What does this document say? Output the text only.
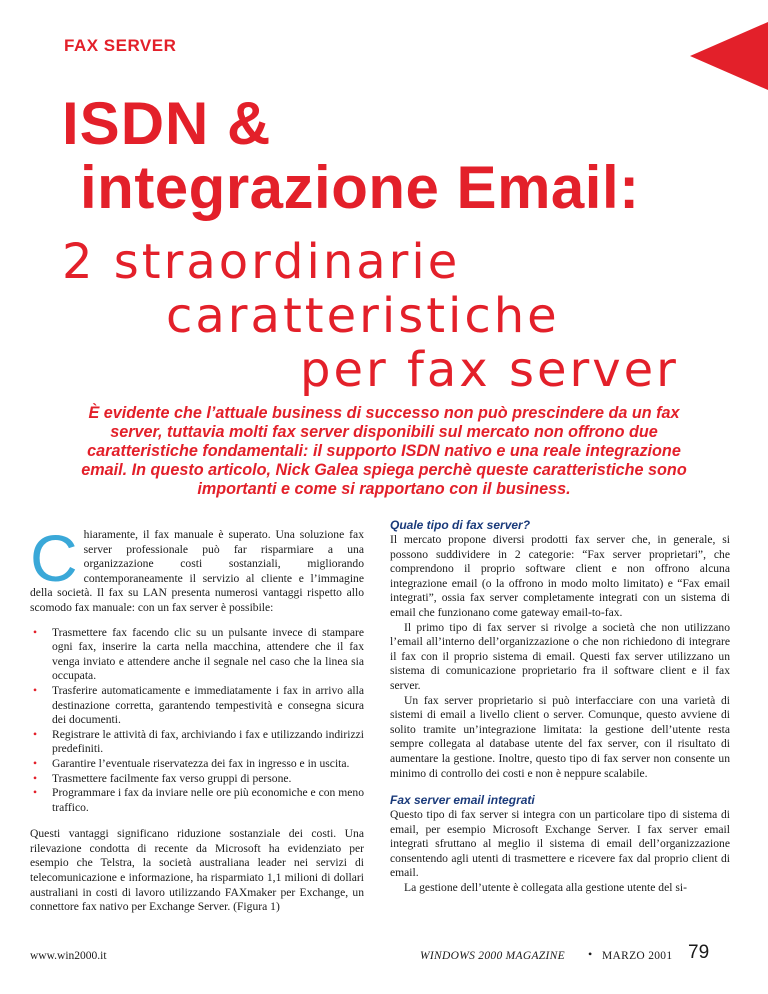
FAX SERVER
ISDN &
integrazione Email:
2 straordinarie
caratteristiche
per fax server
È evidente che l’attuale business di successo non può prescindere da un fax server, tuttavia molti fax server disponibili sul mercato non offrono due caratteristiche fondamentali: il supporto ISDN nativo e una reale integrazione email. In questo articolo, Nick Galea spiega perchè queste caratteristiche sono importanti e come si rapportano con il business.

Chiaramente, il fax manuale è superato. Una soluzione fax server professionale può far risparmiare a una organizzazione costi sostanziali, migliorando contemporaneamente il servizio al cliente e l’immagine della società. Il fax su LAN presenta numerosi vantaggi rispetto allo scomodo fax manuale: con un fax server è possibile:

• Trasmettere fax facendo clic su un pulsante invece di stampare ogni fax, inserire la carta nella macchina, attendere che il fax venga inviato e attendere anche il segnale nel caso che la linea sia occupata.
• Trasferire automaticamente e immediatamente i fax in arrivo alla destinazione corretta, garantendo tempestività e consegna sicura dei documenti.
• Registrare le attività di fax, archiviando i fax e utilizzando indirizzi predefiniti.
• Garantire l’eventuale riservatezza dei fax in ingresso e in uscita.
• Trasmettere facilmente fax verso gruppi di persone.
• Programmare i fax da inviare nelle ore più economiche e con meno traffico.

Questi vantaggi significano riduzione sostanziale dei costi. Una rilevazione condotta di recente da Microsoft ha evidenziato per esempio che Telstra, la società australiana leader nei servizi di telecomunicazione e informazione, ha risparmiato 1,1 milioni di dollari australiani in costi di lavoro utilizzando FAXmaker per Exchange, un connettore fax nativo per Exchange Server. (Figura 1)

Quale tipo di fax server?

Il mercato propone diversi prodotti fax server che, in generale, si possono suddividere in 2 categorie: “Fax server proprietari”, che comprendono il proprio software client e non offrono alcuna integrazione email (o la offrono in modo molto limitato) e “Fax email integrati”, ossia fax server completamente integrati con un sistema di email che funzionano come gateway email-to-fax.

Il primo tipo di fax server si rivolge a società che non utilizzano l’email all’interno dell’organizzazione o che non richiedono di integrare il fax con il proprio sistema di email. Questi fax server utilizzano un sistema di comunicazione proprietario fra il software client e il fax server.

Un fax server proprietario si può interfacciare con una varietà di sistemi di email a livello client o server. Comunque, questo avviene di solito tramite un’integrazione limitata: la gestione dell’utente resta sempre collegata al database utente del fax server, con il risultato di aumentare la gestione. Inoltre, questo tipo di fax server non consente un minimo di controllo dei costi e non è neppure scalabile.

Fax server email integrati

Questo tipo di fax server si integra con un particolare tipo di sistema di email, per esempio Microsoft Exchange Server. I fax server email integrati sfruttano al meglio il sistema di email dell’organizzazione consentendo agli utenti di trasmettere e ricevere fax dal proprio client di email.

La gestione dell’utente è collegata alla gestione utente del si-

www.win2000.it	WINDOWS 2000 MAGAZINE • MARZO 2001 79
